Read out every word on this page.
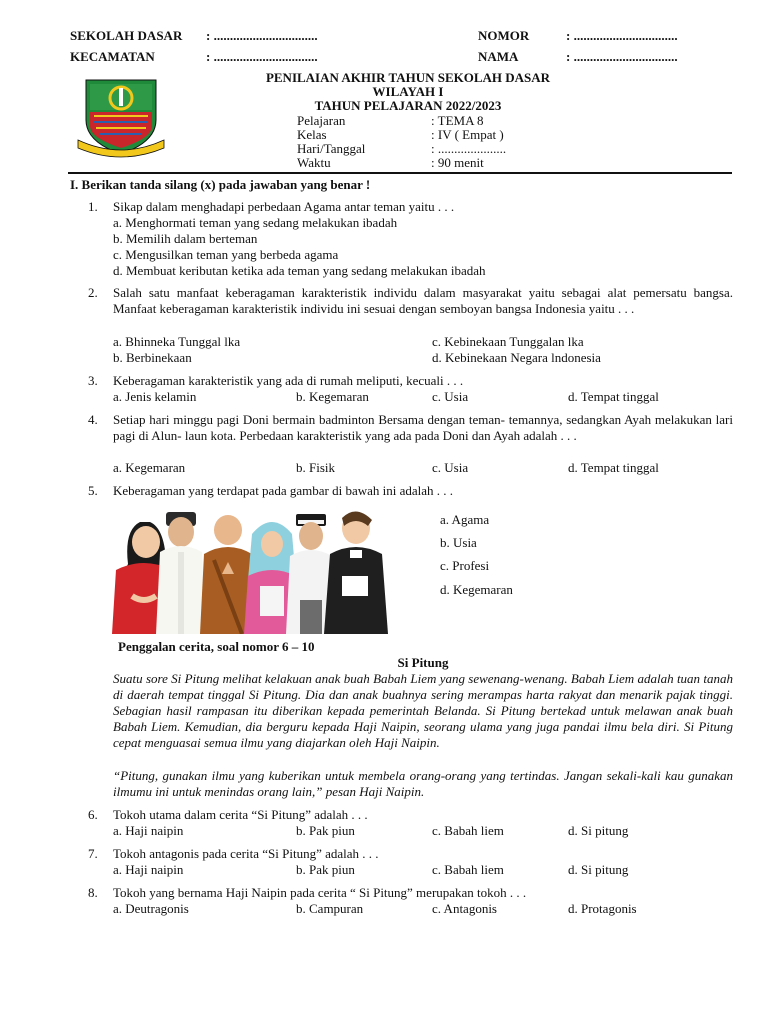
SEKOLAH DASAR : ................................
KECAMATAN	: ................................
NOMOR	: ................................
NAMA	: ................................
PENILAIAN AKHIR TAHUN SEKOLAH DASAR
WILAYAH I
TAHUN PELAJARAN 2022/2023
Pelajaran	: TEMA 8
Kelas	: IV ( Empat )
Hari/Tanggal	: .....................
Waktu	: 90 menit
I. Berikan tanda silang (x) pada jawaban yang benar !
1. Sikap dalam menghadapi perbedaan Agama antar teman yaitu . . .
a. Menghormati teman yang sedang melakukan ibadah
b. Memilih dalam berteman
c. Mengusilkan teman yang berbeda agama
d. Membuat keributan ketika ada teman yang sedang melakukan ibadah
2. Salah satu manfaat keberagaman karakteristik individu dalam masyarakat yaitu sebagai alat pemersatu bangsa. Manfaat keberagaman karakteristik individu ini sesuai dengan semboyan bangsa Indonesia yaitu . . .
a. Bhinneka Tunggal lka	c. Kebinekaan Tunggalan lka
b. Berbinekaan	d. Kebinekaan Negara lndonesia
3. Keberagaman karakteristik yang ada di rumah meliputi, kecuali . . .
a. Jenis kelamin	b. Kegemaran	c. Usia	d. Tempat tinggal
4. Setiap hari minggu pagi Doni bermain badminton Bersama dengan teman- temannya, sedangkan Ayah melakukan lari pagi di Alun- laun kota. Perbedaan karakteristik yang ada pada Doni dan Ayah adalah . . .
a. Kegemaran	b. Fisik	c. Usia	d. Tempat tinggal
5. Keberagaman yang terdapat pada gambar di bawah ini adalah . . .
a. Agama
b. Usia
c. Profesi
d. Kegemaran
Penggalan cerita, soal nomor 6 – 10
Si Pitung
Suatu sore Si Pitung melihat kelakuan anak buah Babah Liem yang sewenang-wenang. Babah Liem adalah tuan tanah di daerah tempat tinggal Si Pitung. Dia dan anak buahnya sering merampas harta rakyat dan menarik pajak tinggi. Sebagian hasil rampasan itu diberikan kepada pemerintah Belanda. Si Pitung bertekad untuk melawan anak buah Babah Liem. Kemudian, dia berguru kepada Haji Naipin, seorang ulama yang juga pandai ilmu bela diri. Si Pitung cepat menguasai semua ilmu yang diajarkan oleh Haji Naipin.
“Pitung, gunakan ilmu yang kuberikan untuk membela orang-orang yang tertindas. Jangan sekali-kali kau gunakan ilmumu ini untuk menindas orang lain,” pesan Haji Naipin.
6. Tokoh utama dalam cerita “Si Pitung” adalah . . .
a. Haji naipin	b. Pak piun	c. Babah liem	d. Si pitung
7. Tokoh antagonis pada cerita “Si Pitung” adalah . . .
a. Haji naipin	b. Pak piun	c. Babah liem	d. Si pitung
8. Tokoh yang bernama Haji Naipin pada cerita “ Si Pitung” merupakan tokoh . . .
a. Deutragonis	b. Campuran	c. Antagonis	d. Protagonis
